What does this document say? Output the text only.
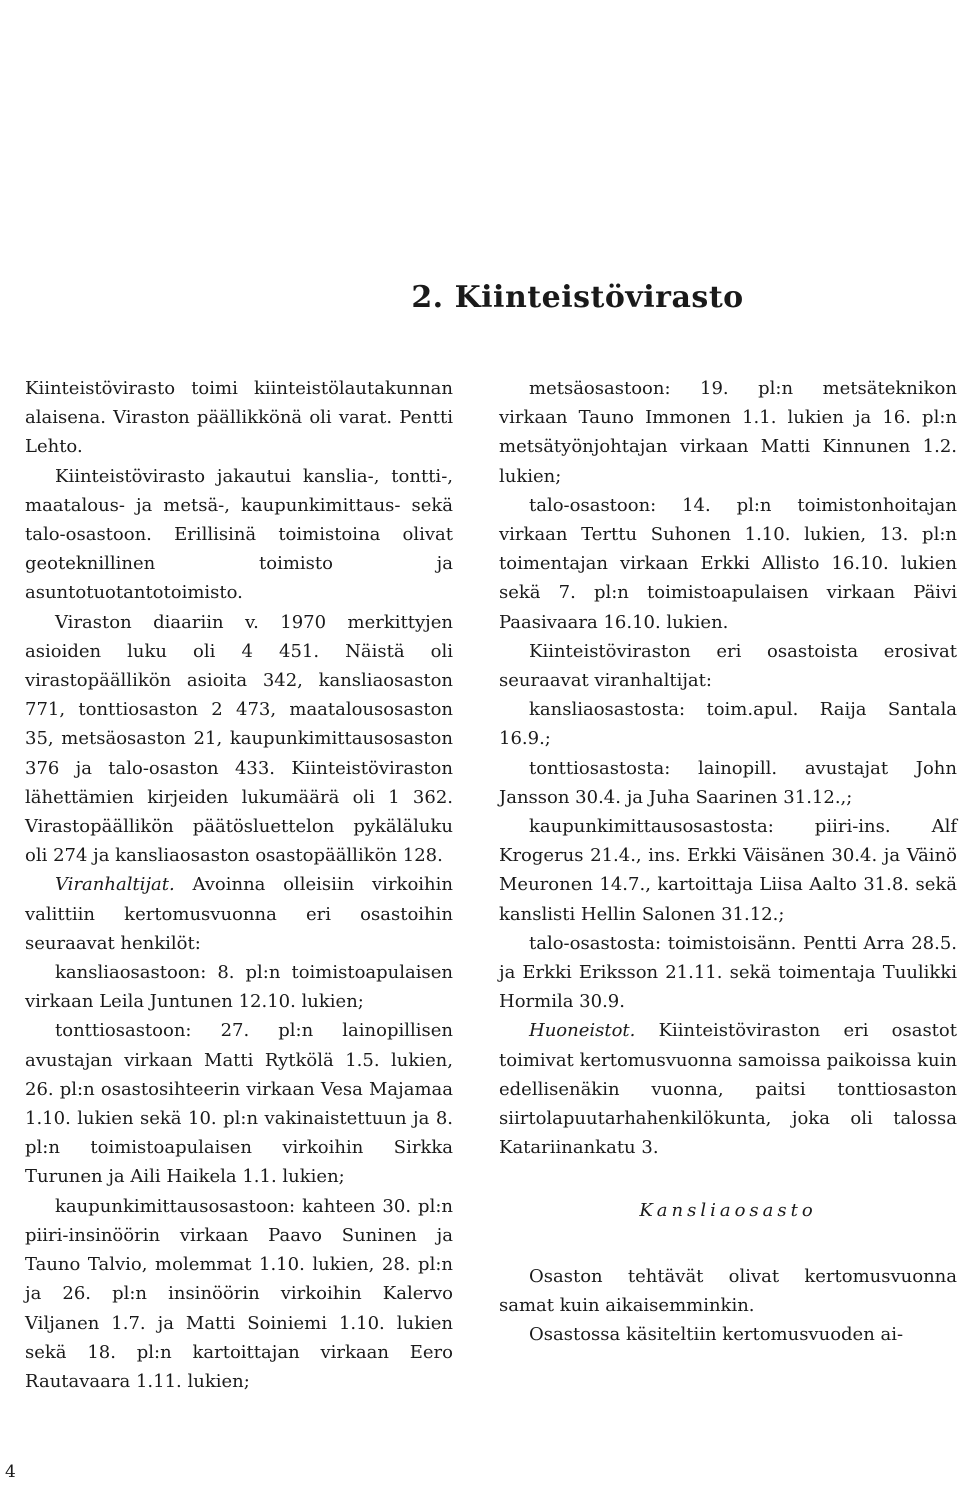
2. Kiinteistövirasto

Kiinteistövirasto toimi kiinteistölautakunnan alaisena. Viraston päällikkönä oli varat. Pentti Lehto.

Kiinteistövirasto jakautui kanslia-, tontti-, maatalous- ja metsä-, kaupunkimittaus- sekä talo-osastoon. Erillisinä toimistoina olivat geoteknillinen toimisto ja asuntotuotantotoimisto.

Viraston diaariin v. 1970 merkittyjen asioiden luku oli 4 451. Näistä oli virastopäällikön asioita 342, kansliaosaston 771, tonttiosaston 2 473, maatalousosaston 35, metsäosaston 21, kaupunkimittausosaston 376 ja talo-osaston 433. Kiinteistöviraston lähettämien kirjeiden lukumäärä oli 1 362. Virastopäällikön päätösluettelon pykäläluku oli 274 ja kansliaosaston osastopäällikön 128.

Viranhaltijat. Avoinna olleisiin virkoihin valittiin kertomusvuonna eri osastoihin seuraavat henkilöt:

kansliaosastoon: 8. pl:n toimistoapulaisen virkaan Leila Juntunen 12.10. lukien;

tonttiosastoon: 27. pl:n lainopillisen avustajan virkaan Matti Rytkölä 1.5. lukien, 26. pl:n osastosihteerin virkaan Vesa Majamaa 1.10. lukien sekä 10. pl:n vakinaistettuun ja 8. pl:n toimistoapulaisen virkoihin Sirkka Turunen ja Aili Haikela 1.1. lukien;

kaupunkimittausosastoon: kahteen 30. pl:n piiri-insinöörin virkaan Paavo Suninen ja Tauno Talvio, molemmat 1.10. lukien, 28. pl:n ja 26. pl:n insinöörin virkoihin Kalervo Viljanen 1.7. ja Matti Soiniemi 1.10. lukien sekä 18. pl:n kartoittajan virkaan Eero Rautavaara 1.11. lukien;

metsäosastoon: 19. pl:n metsäteknikon virkaan Tauno Immonen 1.1. lukien ja 16. pl:n metsätyönjohtajan virkaan Matti Kinnunen 1.2. lukien;

talo-osastoon: 14. pl:n toimistonhoitajan virkaan Terttu Suhonen 1.10. lukien, 13. pl:n toimentajan virkaan Erkki Allisto 16.10. lukien sekä 7. pl:n toimistoapulaisen virkaan Päivi Paasivaara 16.10. lukien.

Kiinteistöviraston eri osastoista erosivat seuraavat viranhaltijat:

kansliaosastosta: toim.apul. Raija Santala 16.9.;

tonttiosastosta: lainopill. avustajat John Jansson 30.4. ja Juha Saarinen 31.12.,;

kaupunkimittausosastosta: piiri-ins. Alf Krogerus 21.4., ins. Erkki Väisänen 30.4. ja Väinö Meuronen 14.7., kartoittaja Liisa Aalto 31.8. sekä kanslisti Hellin Salonen 31.12.;

talo-osastosta: toimistoisänn. Pentti Arra 28.5. ja Erkki Eriksson 21.11. sekä toimentaja Tuulikki Hormila 30.9.

Huoneistot. Kiinteistöviraston eri osastot toimivat kertomusvuonna samoissa paikoissa kuin edellisenäkin vuonna, paitsi tonttiosaston siirtolapuutarhahenkilökunta, joka oli talossa Katariinankatu 3.

Kansliaosasto

Osaston tehtävät olivat kertomusvuonna samat kuin aikaisemminkin.

Osastossa käsiteltiin kertomusvuoden ai-

4
